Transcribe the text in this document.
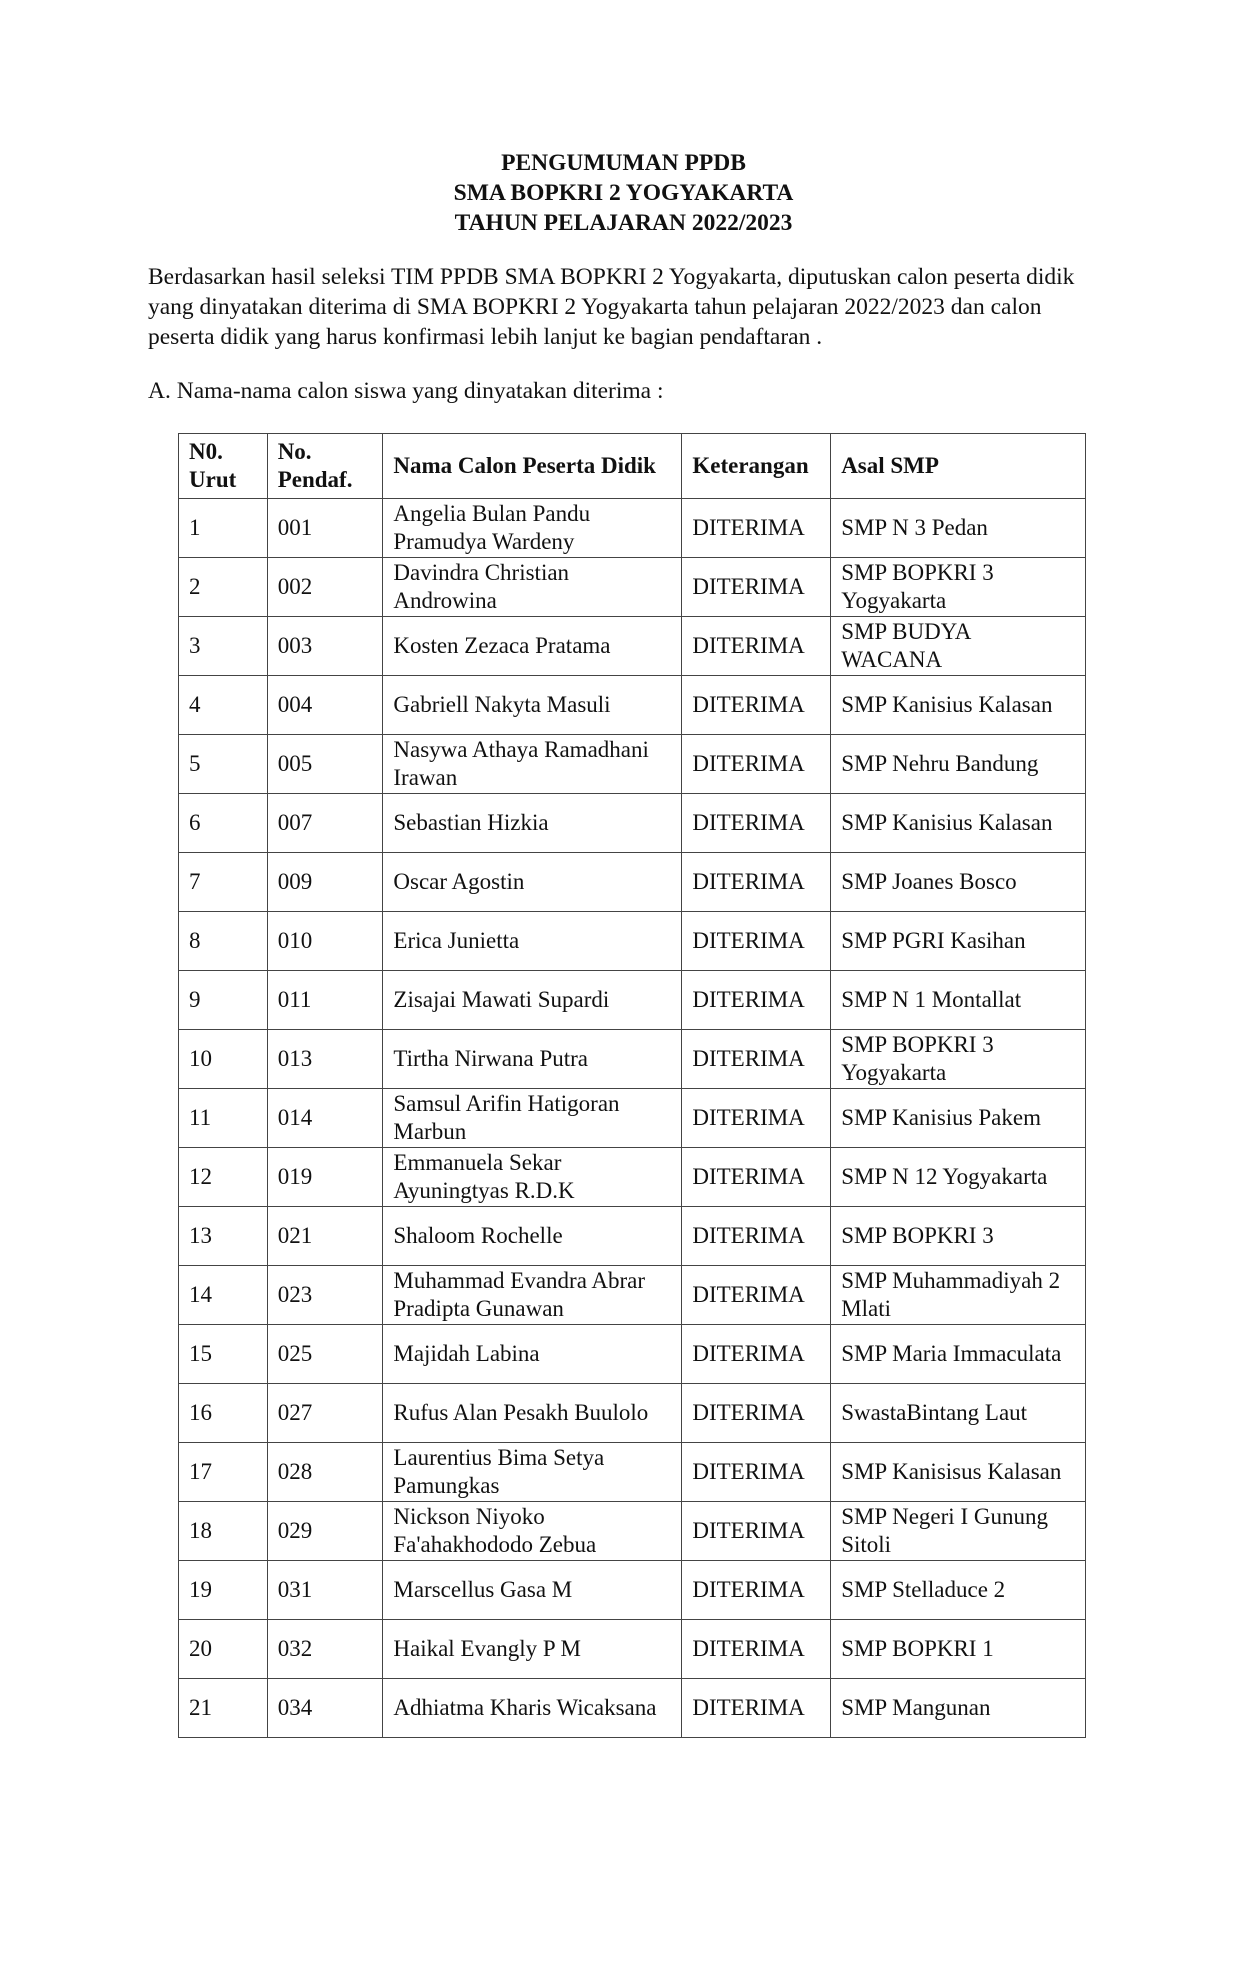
PENGUMUMAN PPDB
SMA BOPKRI 2 YOGYAKARTA
TAHUN PELAJARAN 2022/2023

Berdasarkan hasil seleksi TIM PPDB SMA BOPKRI 2 Yogyakarta, diputuskan calon peserta didik yang dinyatakan diterima di SMA BOPKRI 2 Yogyakarta tahun pelajaran 2022/2023 dan calon peserta didik yang harus konfirmasi lebih lanjut ke bagian pendaftaran .

A. Nama-nama calon siswa yang dinyatakan diterima :
N0. Urut	No. Pendaf.	Nama Calon Peserta Didik	Keterangan	Asal SMP
1	001	Angelia Bulan Pandu Pramudya Wardeny	DITERIMA	SMP N 3 Pedan
2	002	Davindra Christian Androwina	DITERIMA	SMP BOPKRI 3 Yogyakarta
3	003	Kosten Zezaca Pratama	DITERIMA	SMP BUDYA WACANA
4	004	Gabriell Nakyta Masuli	DITERIMA	SMP Kanisius Kalasan
5	005	Nasywa Athaya Ramadhani Irawan	DITERIMA	SMP Nehru Bandung
6	007	Sebastian Hizkia	DITERIMA	SMP Kanisius Kalasan
7	009	Oscar Agostin	DITERIMA	SMP Joanes Bosco
8	010	Erica Junietta	DITERIMA	SMP PGRI Kasihan
9	011	Zisajai Mawati Supardi	DITERIMA	SMP N 1 Montallat
10	013	Tirtha Nirwana Putra	DITERIMA	SMP BOPKRI 3 Yogyakarta
11	014	Samsul Arifin Hatigoran Marbun	DITERIMA	SMP Kanisius Pakem
12	019	Emmanuela Sekar Ayuningtyas R.D.K	DITERIMA	SMP N 12 Yogyakarta
13	021	Shaloom Rochelle	DITERIMA	SMP BOPKRI 3
14	023	Muhammad Evandra Abrar Pradipta Gunawan	DITERIMA	SMP Muhammadiyah 2 Mlati
15	025	Majidah Labina	DITERIMA	SMP Maria Immaculata
16	027	Rufus Alan Pesakh Buulolo	DITERIMA	SwastaBintang Laut
17	028	Laurentius Bima Setya Pamungkas	DITERIMA	SMP Kanisisus Kalasan
18	029	Nickson Niyoko Fa'ahakhododo Zebua	DITERIMA	SMP Negeri I Gunung Sitoli
19	031	Marscellus Gasa M	DITERIMA	SMP Stelladuce 2
20	032	Haikal Evangly P M	DITERIMA	SMP BOPKRI 1
21	034	Adhiatma Kharis Wicaksana	DITERIMA	SMP Mangunan
